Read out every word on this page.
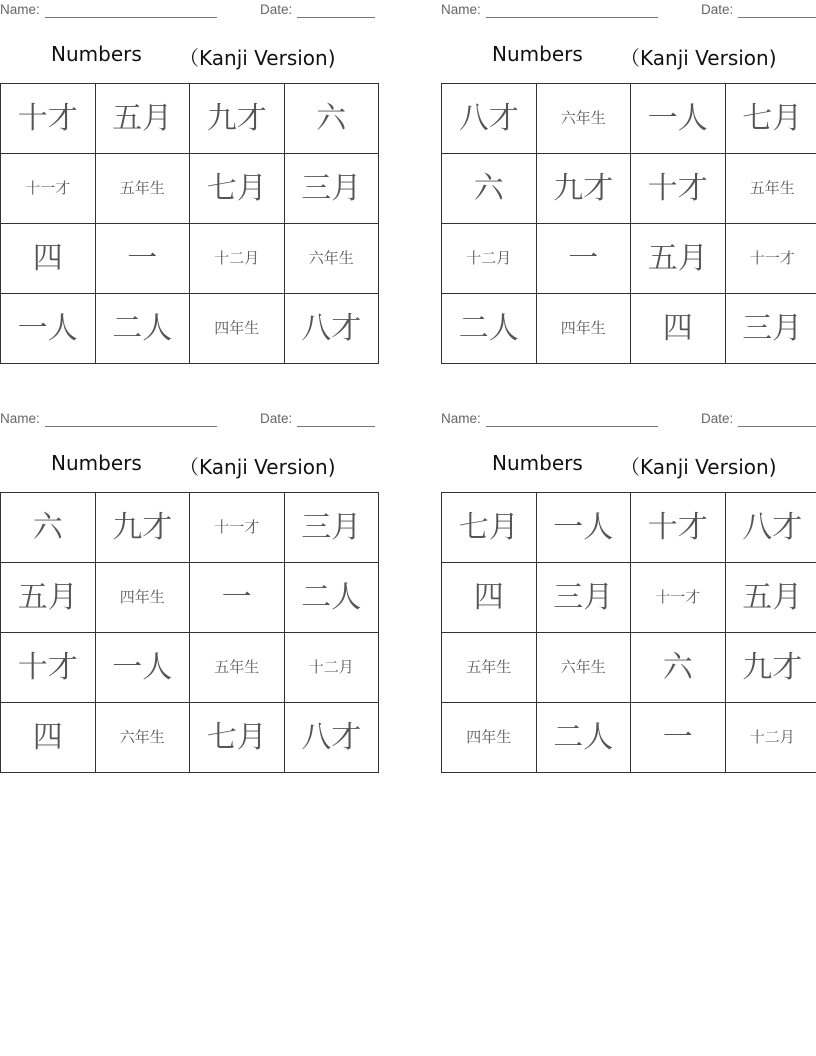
Name:	Date:
Numbers （Kanji Version)
十才	五月	九才	六
十一才	五年生	七月	三月
四	一	十二月	六年生
一人	二人	四年生	八才
Name:	Date:
Numbers （Kanji Version)
八才	六年生	一人	七月
六	九才	十才	五年生
十二月	一	五月	十一才
二人	四年生	四	三月
Name:	Date:
Numbers （Kanji Version)
六	九才	十一才	三月
五月	四年生	一	二人
十才	一人	五年生	十二月
四	六年生	七月	八才
Name:	Date:
Numbers （Kanji Version)
七月	一人	十才	八才
四	三月	十一才	五月
五年生	六年生	六	九才
四年生	二人	一	十二月
